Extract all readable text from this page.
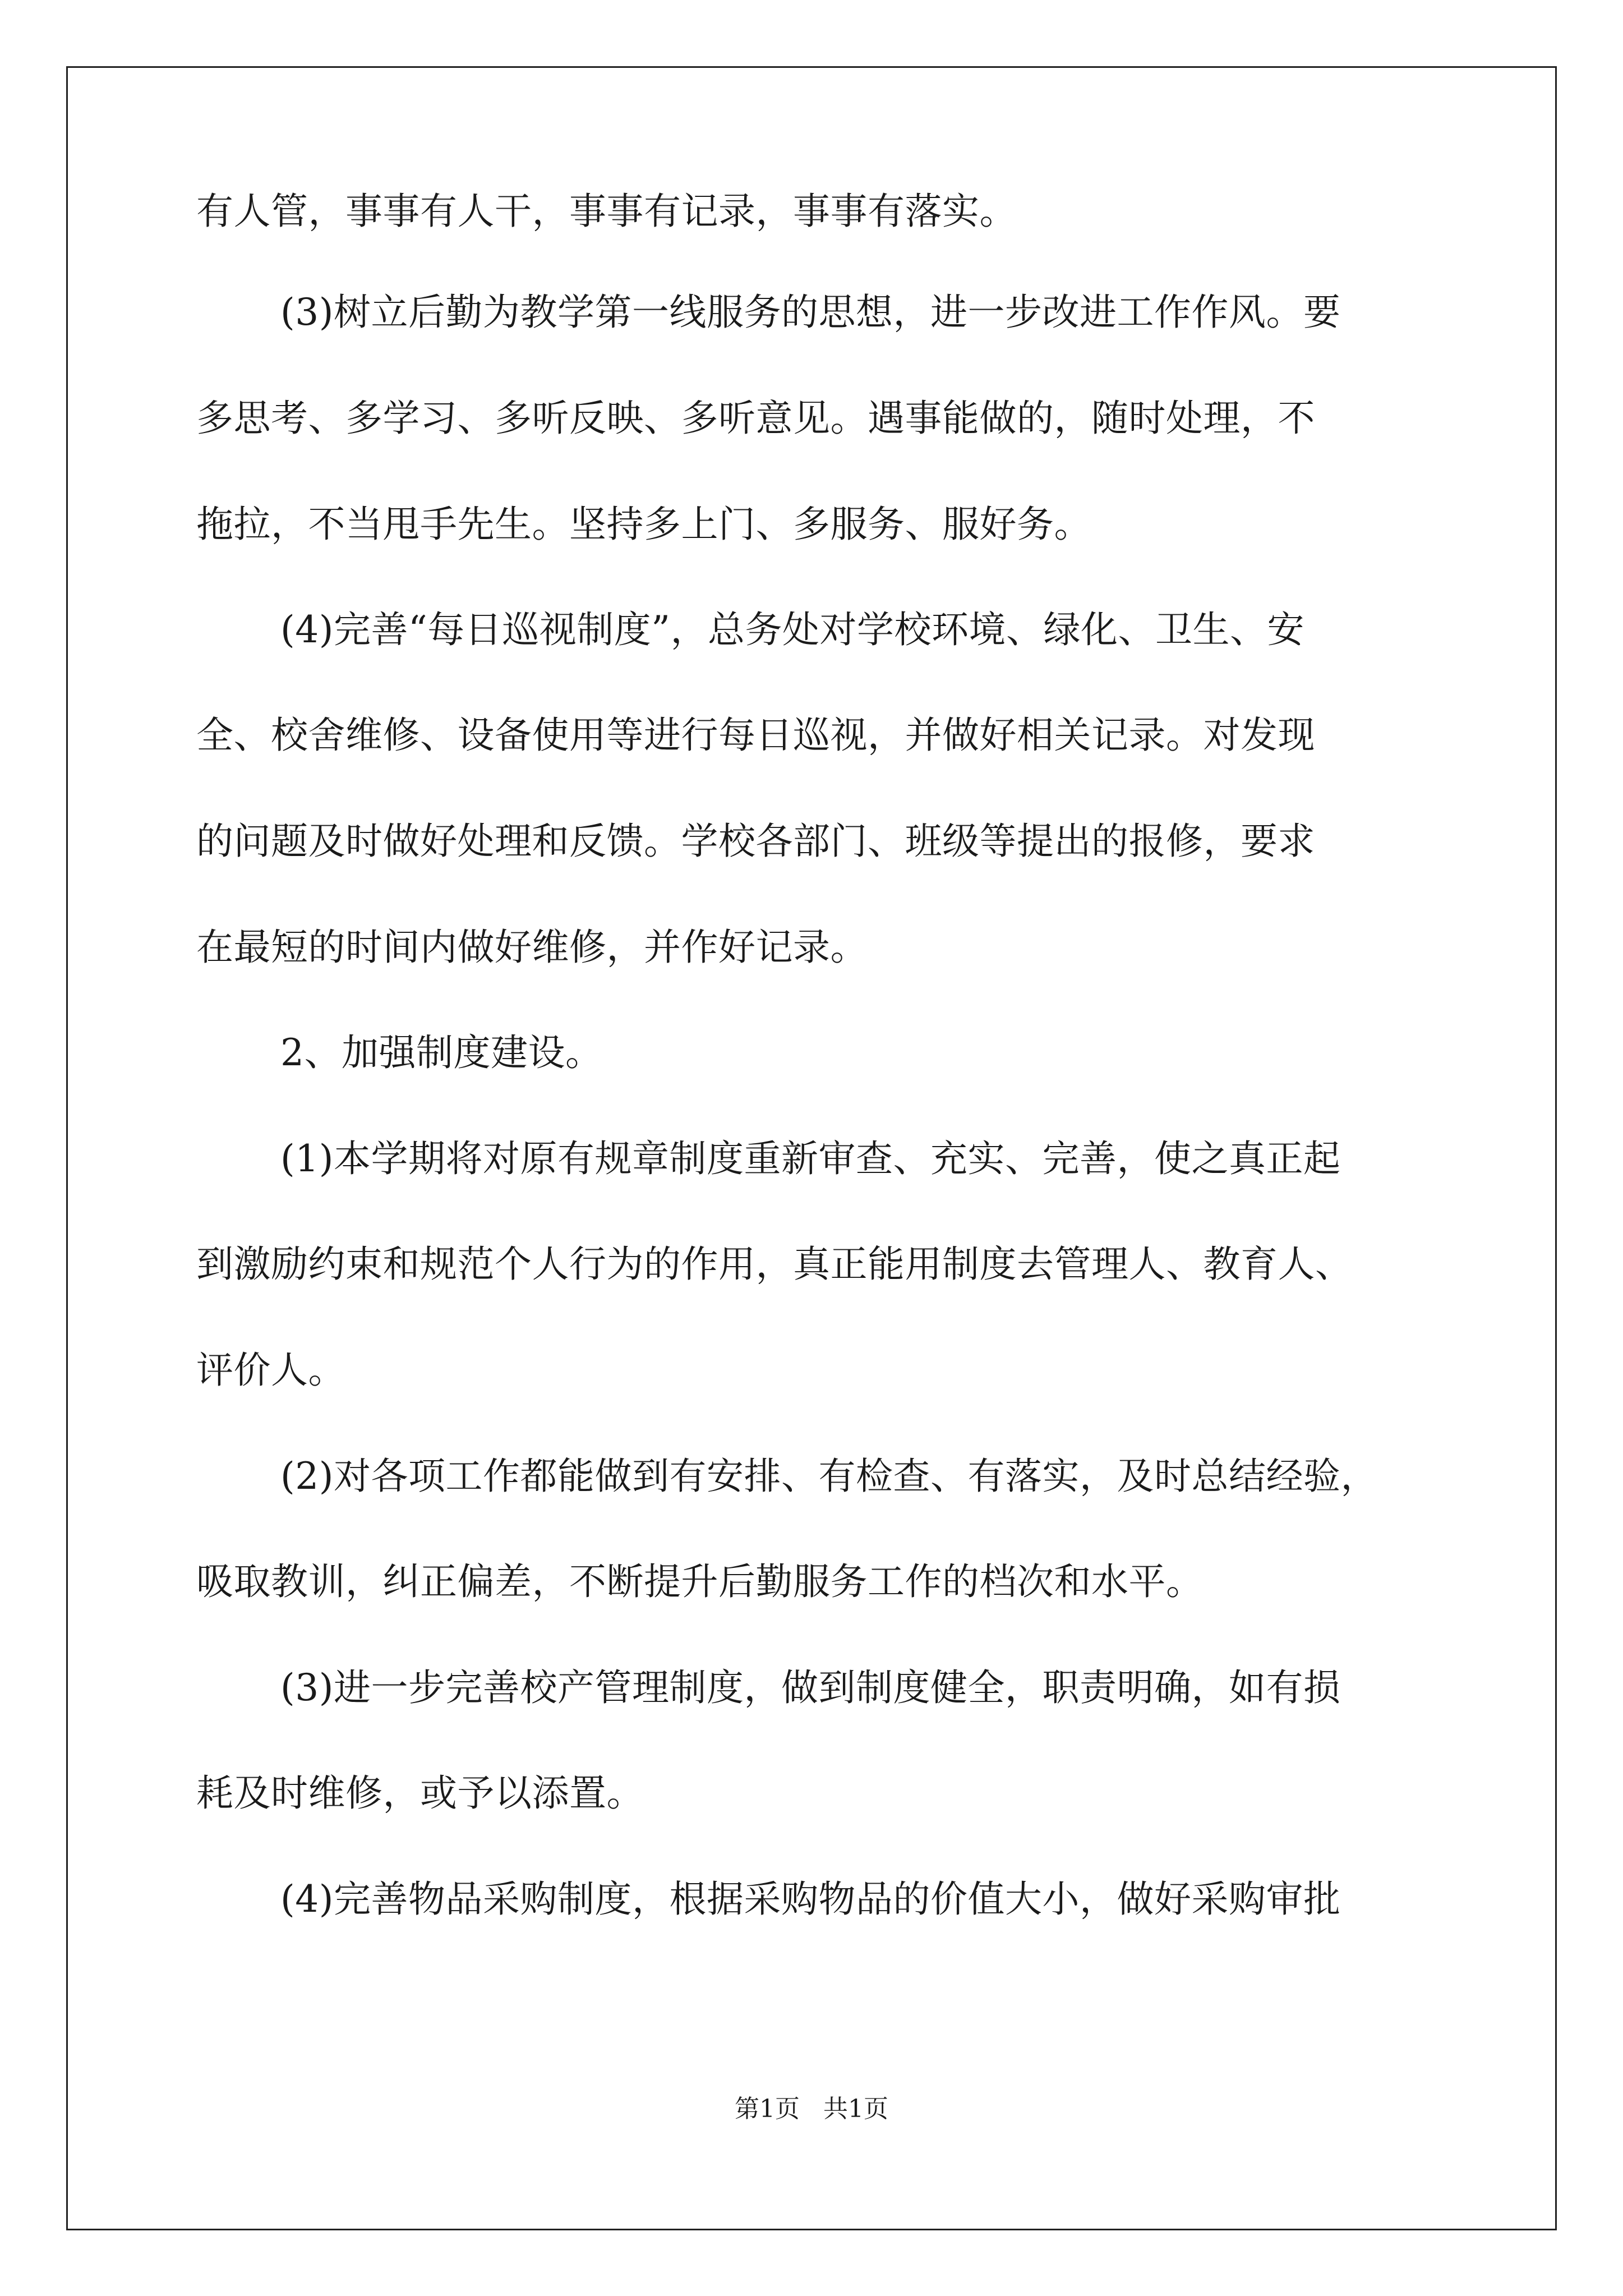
有人管，事事有人干，事事有记录，事事有落实。
(3)树立后勤为教学第一线服务的思想，进一步改进工作作风。要
多思考、多学习、多听反映、多听意见。遇事能做的，随时处理，不
拖拉，不当甩手先生。坚持多上门、多服务、服好务。
(4)完善“每日巡视制度”，总务处对学校环境、绿化、卫生、安
全、校舍维修、设备使用等进行每日巡视，并做好相关记录。对发现
的问题及时做好处理和反馈。学校各部门、班级等提出的报修，要求
在最短的时间内做好维修，并作好记录。
2、加强制度建设。
(1)本学期将对原有规章制度重新审查、充实、完善，使之真正起
到激励约束和规范个人行为的作用，真正能用制度去管理人、教育人、
评价人。
(2)对各项工作都能做到有安排、有检查、有落实，及时总结经验，
吸取教训，纠正偏差，不断提升后勤服务工作的档次和水平。
(3)进一步完善校产管理制度，做到制度健全，职责明确，如有损
耗及时维修，或予以添置。
(4)完善物品采购制度，根据采购物品的价值大小，做好采购审批
第1页   共1页
